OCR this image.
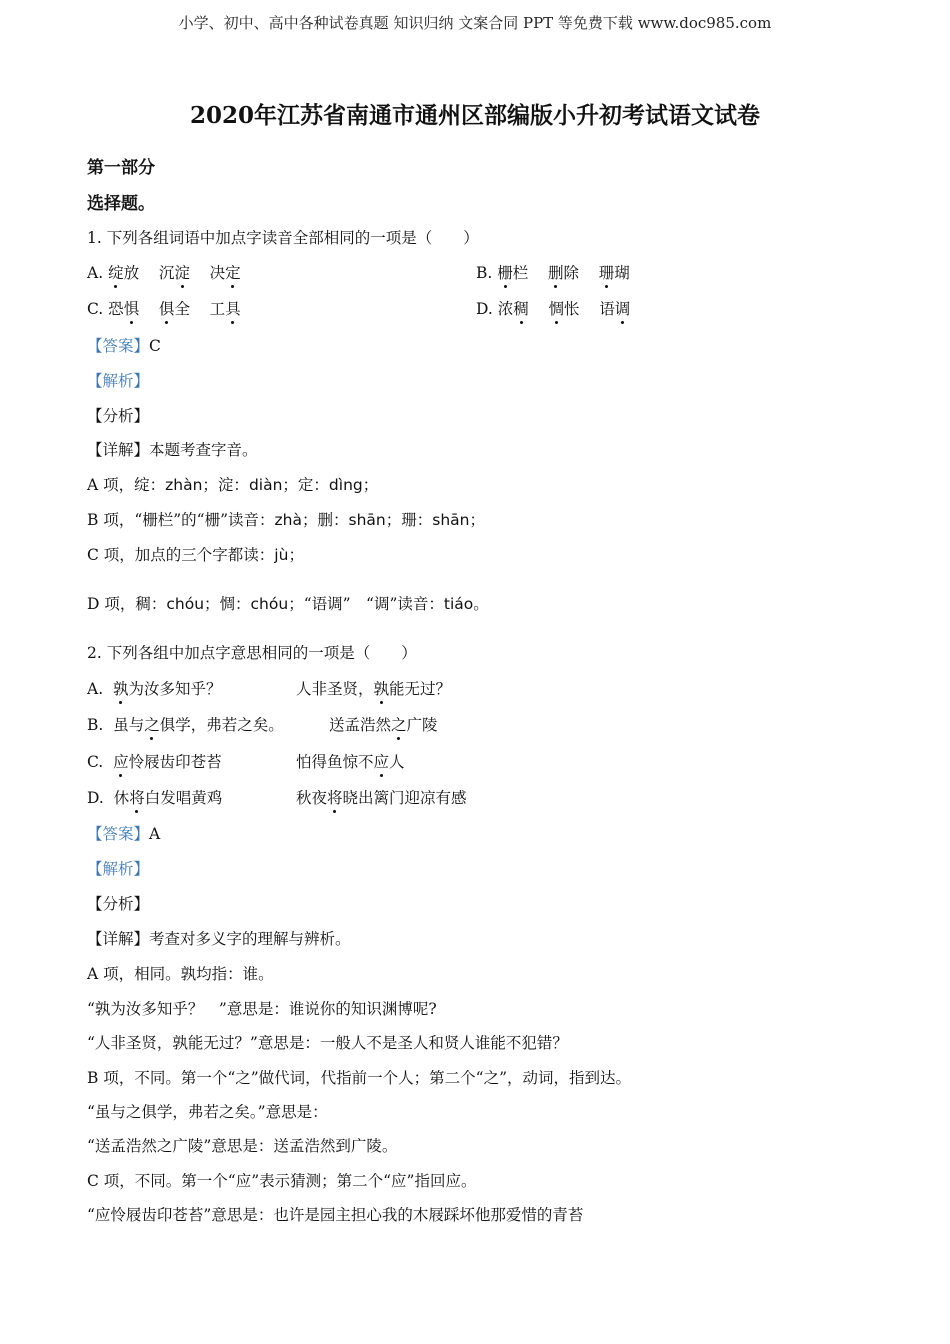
小学、初中、高中各种试卷真题 知识归纳 文案合同 PPT 等免费下载 www.doc985.com
2020年江苏省南通市通州区部编版小升初考试语文试卷
第一部分
选择题。
1. 下列各组词语中加点字读音全部相同的一项是（　　）
A. 绽放 沉淀 决定	B. 栅栏 删除 珊瑚
C. 恐惧 俱全 工具	D. 浓稠 惆怅 语调
【答案】C
【解析】
【分析】
【详解】本题考查字音。
A 项，绽：zhàn；淀：diàn；定：dìng；
B 项，“栅栏”的“栅”读音：zhà；删：shān；珊：shān；
C 项，加点的三个字都读：jù；
D 项，稠：chóu；惆：chóu；“语调”　“调”读音：tiáo。
2. 下列各组中加点字意思相同的一项是（　　）
A. 孰为汝多知乎？	人非圣贤，孰能无过？
B. 虽与之俱学，弗若之矣。	送孟浩然之广陵
C. 应怜屐齿印苍苔	怕得鱼惊不应人
D. 休将白发唱黄鸡	秋夜将晓出篱门迎凉有感
【答案】A
【解析】
【分析】
【详解】考查对多义字的理解与辨析。
A 项，相同。孰均指：谁。
“孰为汝多知乎？　”意思是：谁说你的知识渊博呢?
“人非圣贤，孰能无过？”意思是：一般人不是圣人和贤人谁能不犯错？
B 项，不同。第一个“之”做代词，代指前一个人；第二个“之”，动词，指到达。
“虽与之俱学，弗若之矣。”意思是：
“送孟浩然之广陵”意思是：送孟浩然到广陵。
C 项，不同。第一个“应”表示猜测；第二个“应”指回应。
“应怜屐齿印苍苔”意思是：也许是园主担心我的木屐踩坏他那爱惜的青苔
